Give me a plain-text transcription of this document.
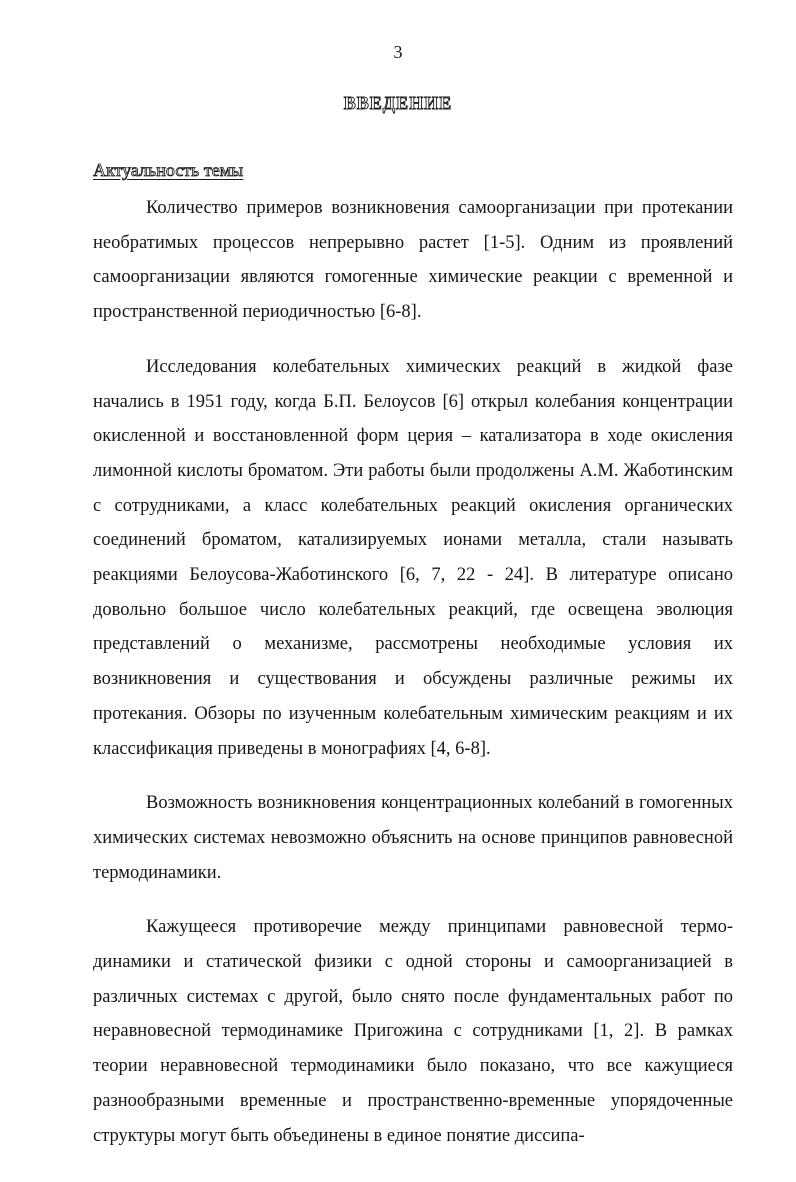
3
ВВЕДЕНИЕ
Актуальность темы

Количество примеров возникновения самоорганизации при протекании необратимых процессов непрерывно растет [1-5]. Одним из проявлений самоорганизации являются гомогенные химические реакции с временной и пространственной периодичностью [6-8].

Исследования колебательных химических реакций в жидкой фазе начались в 1951 году, когда Б.П. Белоусов [6] открыл колебания концентрации окисленной и восстановленной форм церия – катализатора в ходе окисления лимонной кислоты броматом. Эти работы были продолжены А.М. Жаботинским с сотрудниками, а класс колебательных реакций окисления органических соединений броматом, катализируемых ионами металла, стали называть реакциями Белоусова-Жаботинского [6, 7, 22 - 24]. В литературе описано довольно большое число колебательных реакций, где освещена эволюция представлений о механизме, рассмотрены необходимые условия их возникновения и существования и обсуждены различные режимы их протекания. Обзоры по изученным колебательным химическим реакциям и их классификация приведены в монографиях [4, 6-8].

Возможность возникновения концентрационных колебаний в гомогенных химических системах невозможно объяснить на основе принципов равновесной термодинамики.

Кажущееся противоречие между принципами равновесной термодинамики и статической физики с одной стороны и самоорганизацией в различных системах с другой, было снято после фундаментальных работ по неравновесной термодинамике Пригожина с сотрудниками [1, 2]. В рамках теории неравновесной термодинамики было показано, что все кажущиеся разнообразными временные и пространственно-временные упорядоченные структуры могут быть объединены в единое понятие диссипа-
